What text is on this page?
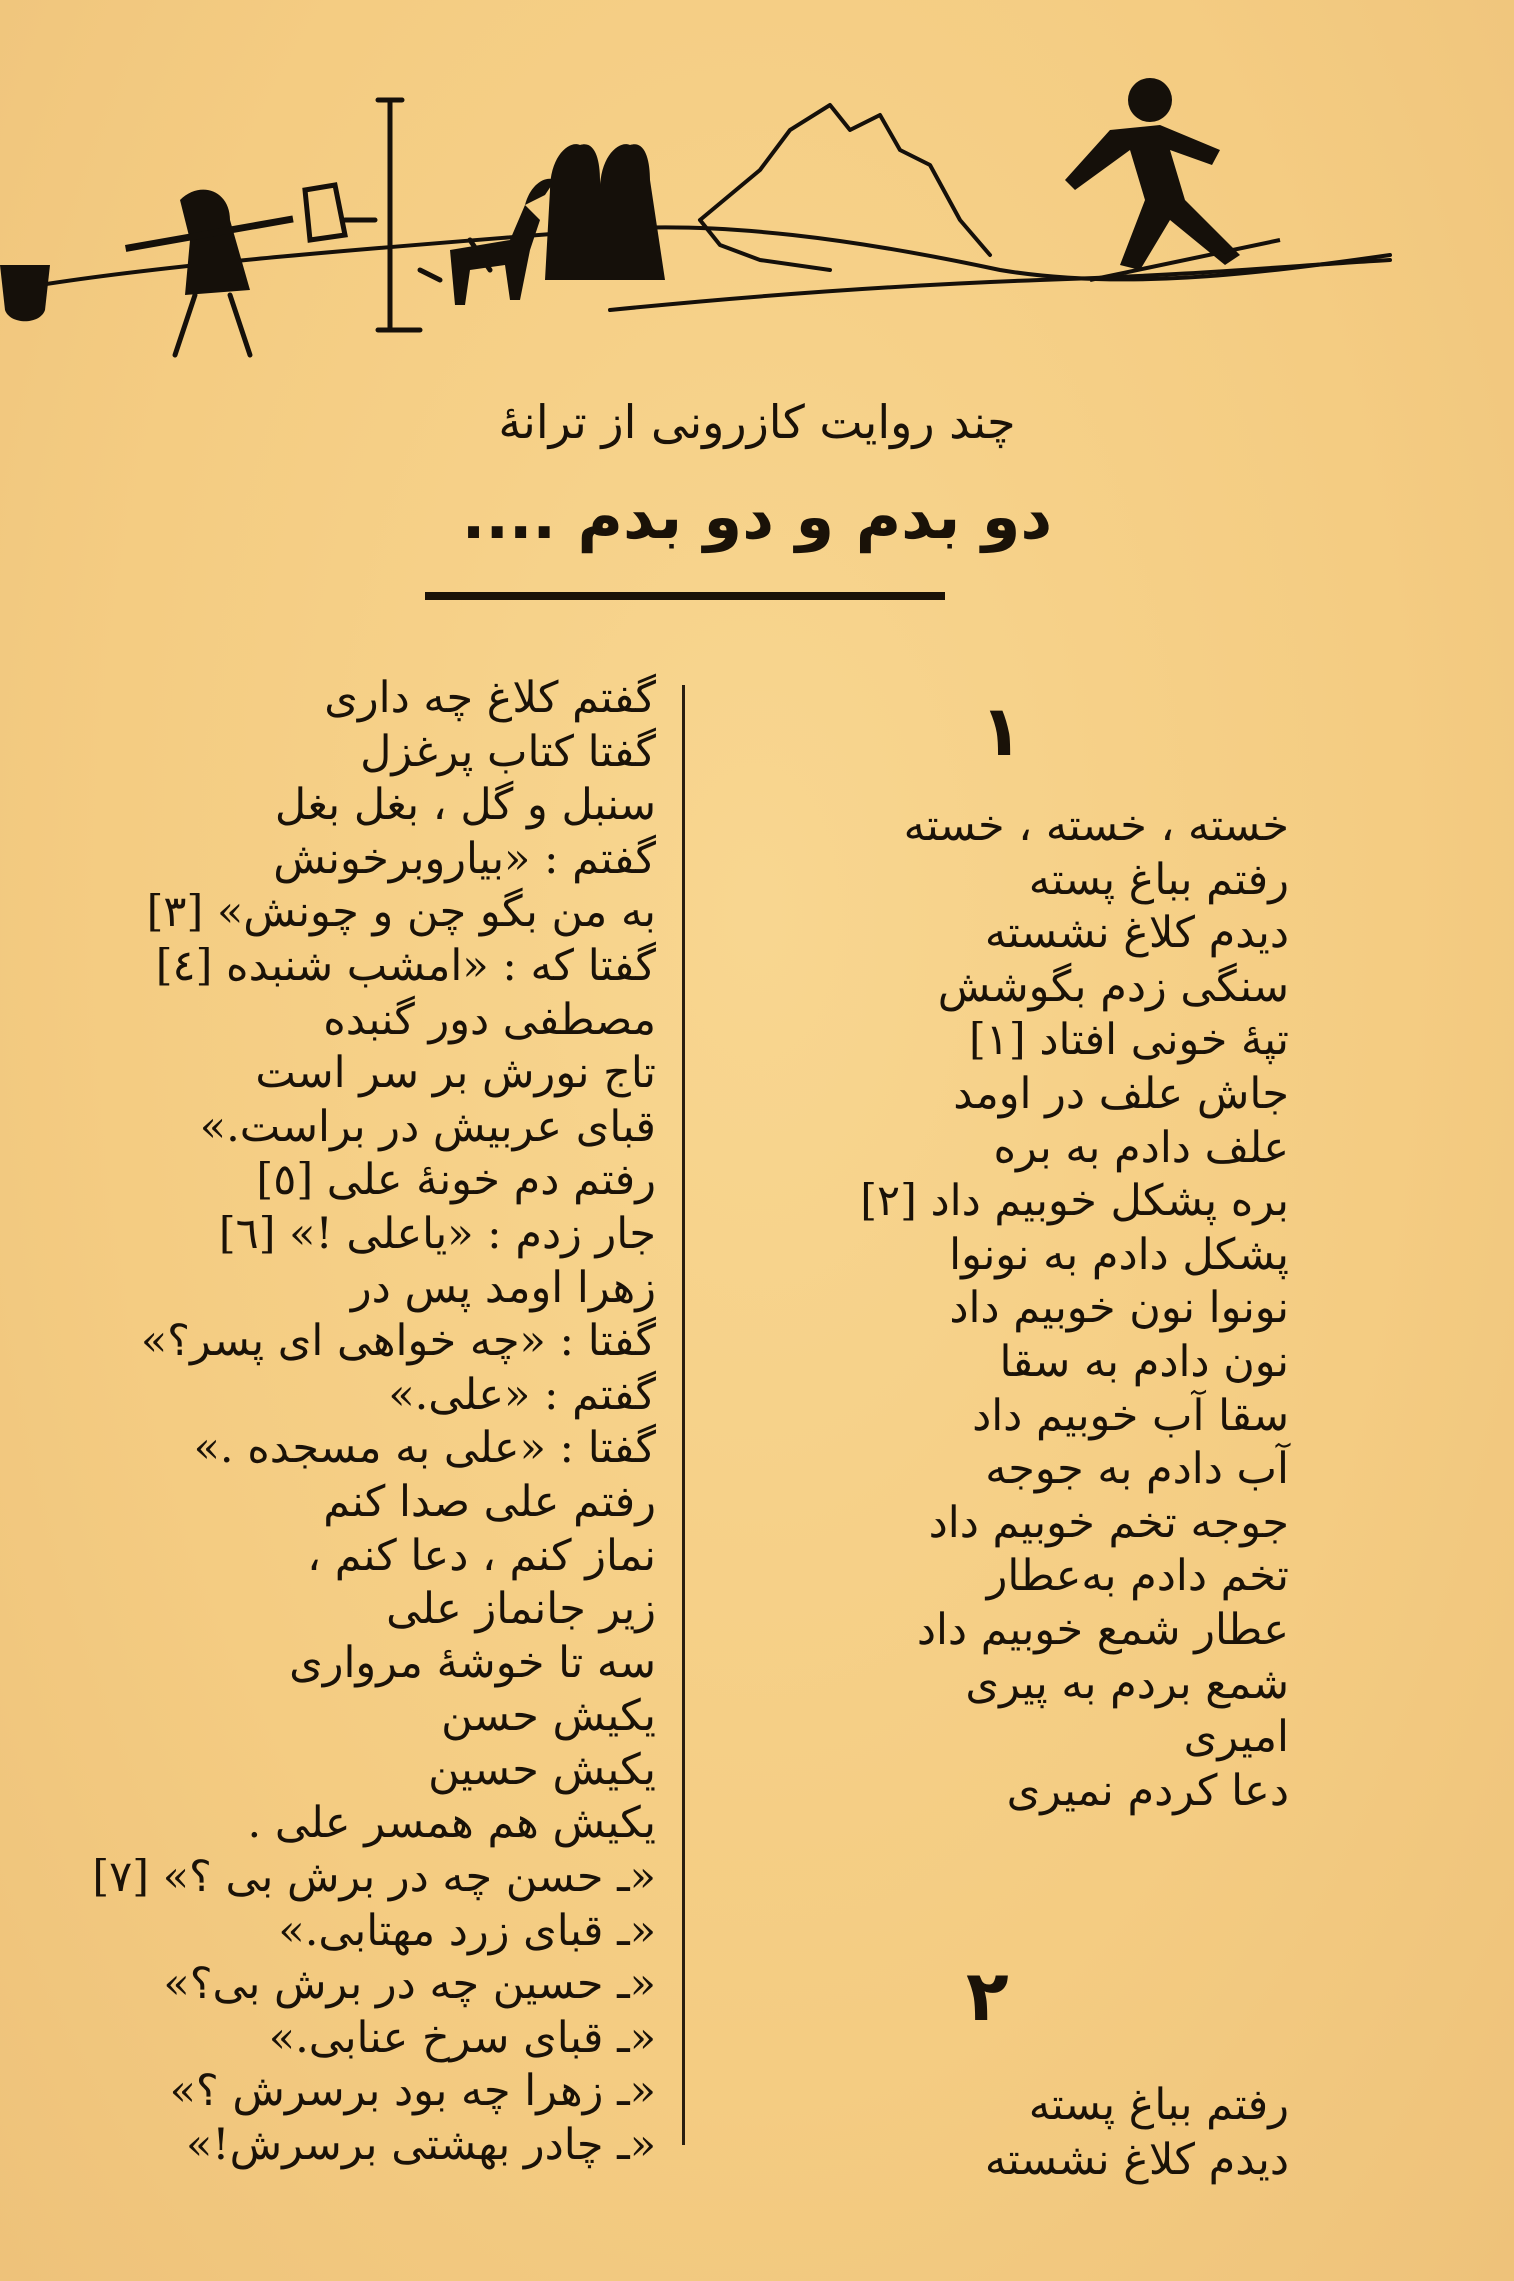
چند روایت کازرونی از ترانهٔ
دو بدم و دو بدم ....
گفتم کلاغ چه داری
گفتا کتاب پرغزل
سنبل و گل ، بغل بغل
گفتم : «بیاروبرخونش
به من بگو چن و چونش» [۳]
گفتا که : «امشب شنبده [٤]
مصطفی دور گنبده
تاج نورش بر سر است
قبای عربیش در براست.»
رفتم دم خونهٔ علی [٥]
جار زدم : «یاعلی !» [٦]
زهرا اومد پس در
گفتا : «چه خواهی ای پسر؟»
گفتم : «علی.»
گفتا : «علی به مسجده .»
رفتم علی صدا کنم
نماز کنم ، دعا کنم ،
زیر جانماز علی
سه تا خوشهٔ مرواری
یکیش حسن
یکیش حسین
یکیش هم همسر علی .
«ـ حسن چه در برش بی ؟» [۷]
«ـ قبای زرد مهتابی.»
«ـ حسین چه در برش بی؟»
«ـ قبای سرخ عنابی.»
«ـ زهرا چه بود برسرش ؟»
«ـ چادر بهشتی برسرش!»
۱
خسته ، خسته ، خسته
رفتم بباغ پسته
دیدم کلاغ نشسته
سنگی زدم بگوشش
تپهٔ خونی افتاد [۱]
جاش علف در اومد
علف دادم به بره
بره پشکل خوبیم داد [۲]
پشکل دادم به نونوا
نونوا نون خوبیم داد
نون دادم به سقا
سقا آب خوبیم داد
آب دادم به جوجه
جوجه تخم خوبیم داد
تخم دادم به‌عطار
عطار شمع خوبیم داد
شمع بردم به پیری
امیری
دعا کردم نمیری
۲
رفتم بباغ پسته
دیدم کلاغ نشسته
